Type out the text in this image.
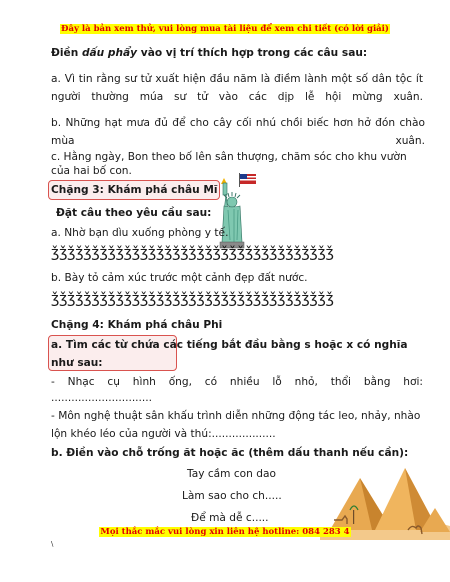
Đây là bản xem thử, vui lòng mua tài liệu để xem chi tiết (có lời giải)
Điền dấu phẩy vào vị trí thích hợp trong các câu sau:
a. Vì tin rằng sư tử xuất hiện đầu năm là điềm lành một số dân tộc ít người thường múa sư tử vào các dịp lễ hội mừng xuân.
b. Những hạt mưa đủ để cho cây cối nhú chồi biếc hơn hở đón chào mùa xuân.
c. Hằng ngày, Bon theo bố lên sân thượng, chăm sóc cho khu vườn của hai bố con.
Chặng 3: Khám phá châu Mĩ
Đặt câu theo yêu cầu sau:
a. Nhờ bạn dìu xuống phòng y tế.
ǯǯǯǯǯǯǯǯǯǯǯǯǯǯǯǯǯǯǯǯǯǯǯǯǯǯǯǯǯǯǯǯǯǯǯ
b. Bày tỏ cảm xúc trước một cảnh đẹp đất nước.
ǯǯǯǯǯǯǯǯǯǯǯǯǯǯǯǯǯǯǯǯǯǯǯǯǯǯǯǯǯǯǯǯǯǯǯ
Chặng 4: Khám phá châu Phi
a. Tìm các từ chứa các tiếng bắt đầu bằng s hoặc x có nghĩa như sau:
- Nhạc cụ hình ống, có nhiều lỗ nhỏ, thổi bằng hơi: ..............................
- Môn nghệ thuật sân khấu trình diễn những động tác leo, nhảy, nhào lộn khéo léo của người và thú:...................
b. Điền vào chỗ trống ăt hoặc ăc (thêm dấu thanh nếu cần):
Tay cầm con dao
Làm sao cho ch.....
Để mà dễ c.....
Mọi thắc mắc vui lòng xin liên hệ hotline: 084 283 4
\
